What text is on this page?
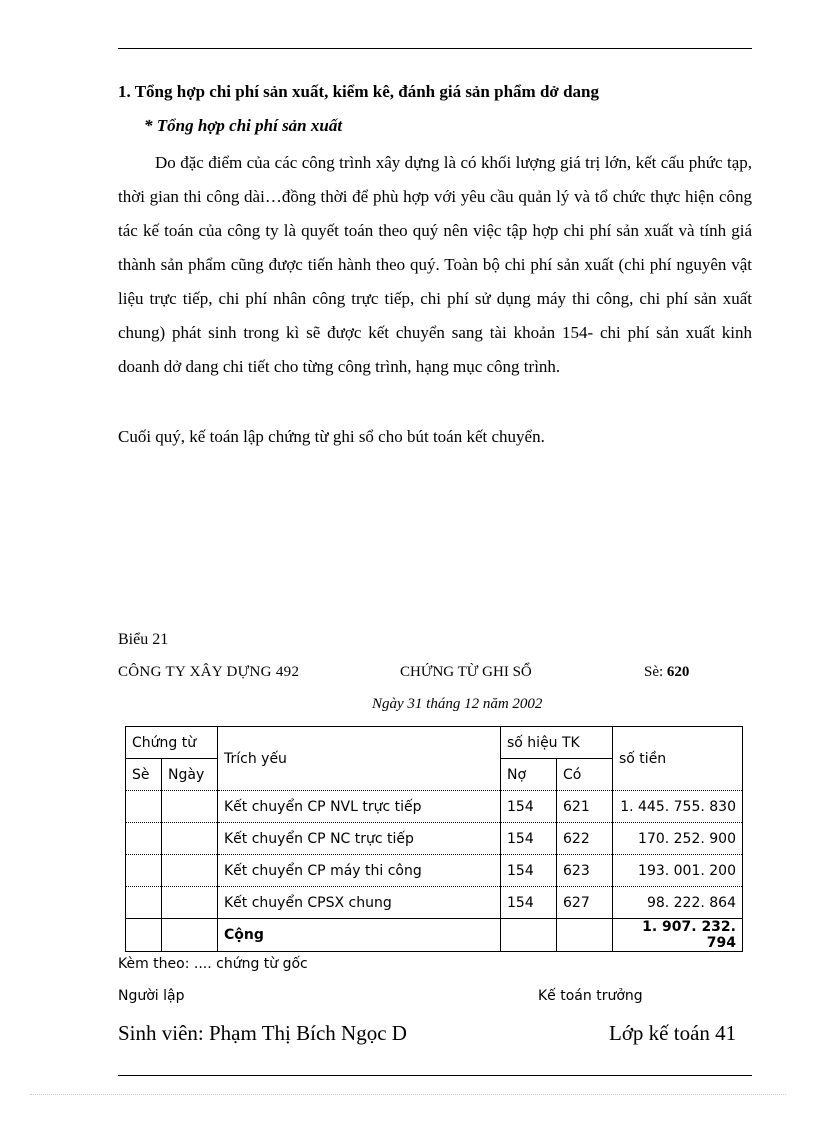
1. Tổng hợp chi phí sản xuất, kiểm kê, đánh giá sản phẩm dở dang
* Tổng hợp chi phí sản xuất

Do đặc điểm của các công trình xây dựng là có khối lượng giá trị lớn, kết cấu phức tạp, thời gian thi công dài…đồng thời để phù hợp với yêu cầu quản lý và tổ chức thực hiện công tác kế toán của công ty là quyết toán theo quý nên việc tập hợp chi phí sản xuất và tính giá thành sản phẩm cũng được tiến hành theo quý. Toàn bộ chi phí sản xuất (chi phí nguyên vật liệu trực tiếp, chi phí nhân công trực tiếp, chi phí sử dụng máy thi công, chi phí sản xuất chung) phát sinh trong kì sẽ được kết chuyển sang tài khoản 154- chi phí sản xuất kinh doanh dở dang chi tiết cho từng công trình, hạng mục công trình.

Cuối quý, kế toán lập chứng từ ghi sổ cho bút toán kết chuyển.
Biểu 21
CÔNG TY XÂY DỰNG 492	CHỨNG TỪ GHI SỔ	Sè: 620
Ngày 31 tháng 12 năm 2002
Chứng từ		Trích yếu	số hiệu TK		số tiền
Sè	Ngày		Nợ	Có	
		Kết chuyển CP NVL trực tiếp	154	621	1. 445. 755. 830
		Kết chuyển CP NC trực tiếp	154	622	170. 252. 900
		Kết chuyển CP máy thi công	154	623	193. 001. 200
		Kết chuyển CPSX chung	154	627	98. 222. 864
		Cộng			1. 907. 232. 794
Kèm theo: .... chứng từ gốc
Người lập	Kế toán trưởng
Sinh viên: Phạm Thị Bích Ngọc D	Lớp kế toán 41
